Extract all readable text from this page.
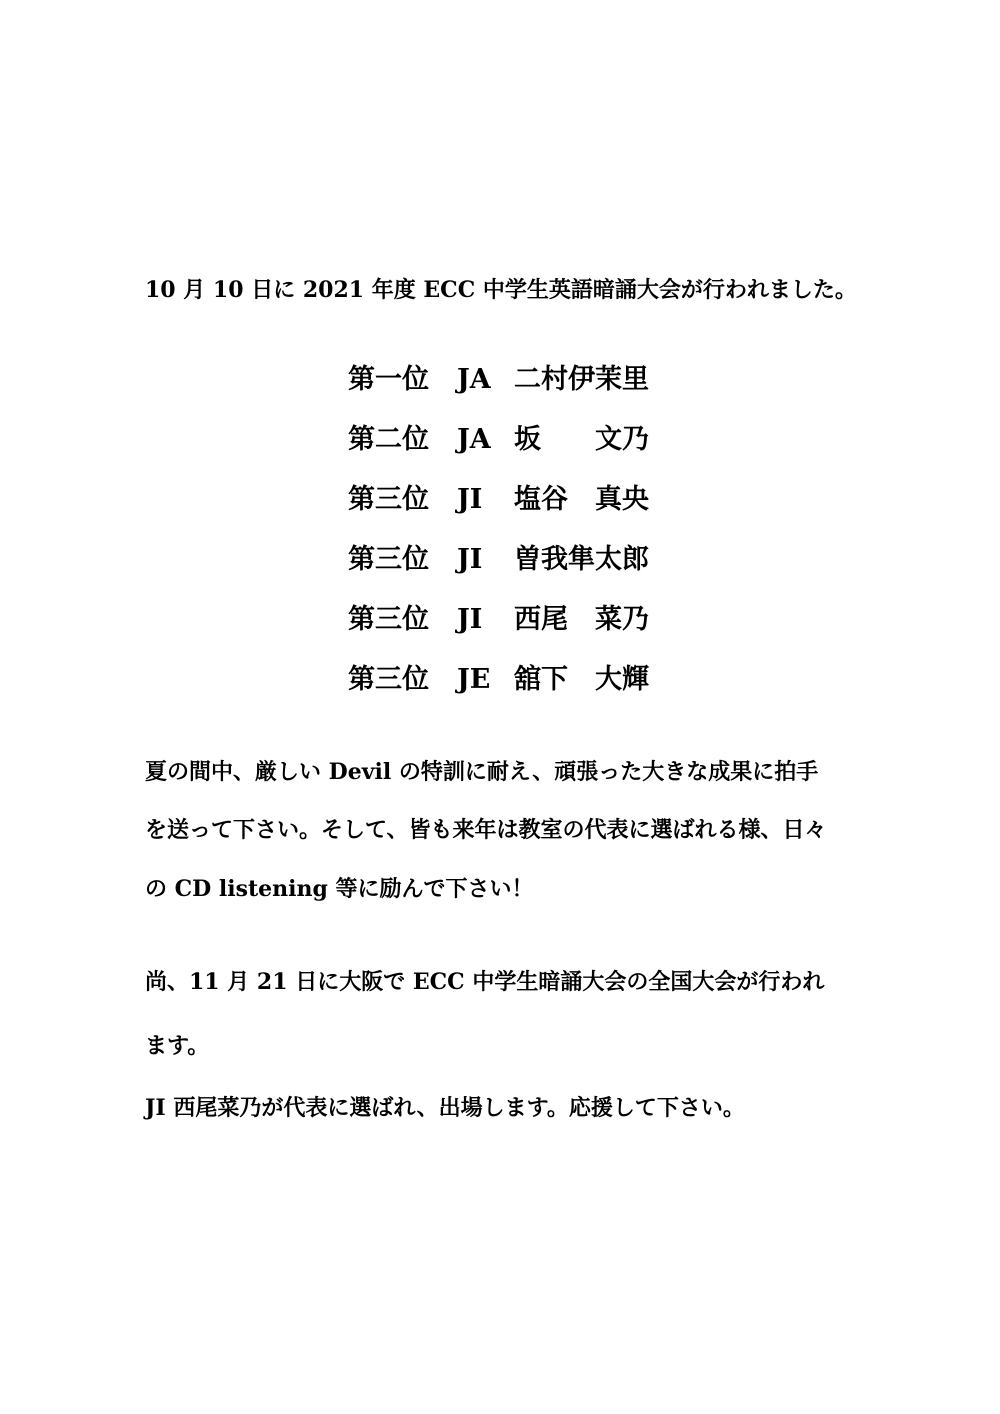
10 月 10 日に 2021 年度 ECC 中学生英語暗誦大会が行われました。
第一位 JA 二村伊茉里
第二位 JA 坂　　文乃
第三位 JI 塩谷　真央
第三位 JI 曽我隼太郎
第三位 JI 西尾　菜乃
第三位 JE 舘下　大輝
夏の間中、厳しい Devil の特訓に耐え、頑張った大きな成果に拍手
を送って下さい。そして、皆も来年は教室の代表に選ばれる様、日々
の CD listening 等に励んで下さい！
尚、11 月 21 日に大阪で ECC 中学生暗誦大会の全国大会が行われ
ます。
JI 西尾菜乃が代表に選ばれ、出場します。応援して下さい。
